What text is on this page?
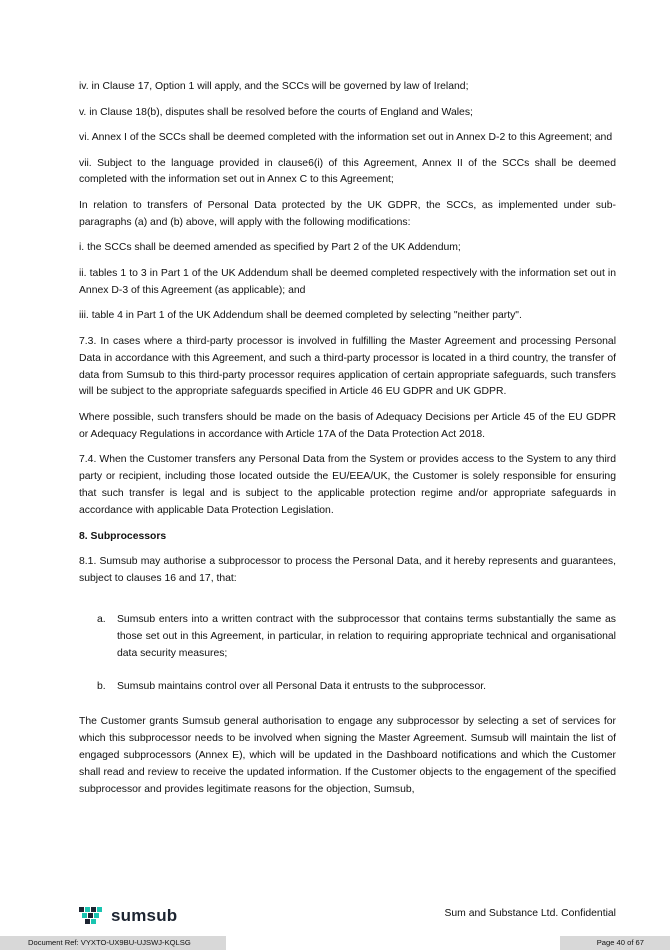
iv. in Clause 17, Option 1 will apply, and the SCCs will be governed by law of Ireland;

v. in Clause 18(b), disputes shall be resolved before the courts of England and Wales;

vi. Annex I of the SCCs shall be deemed completed with the information set out in Annex D-2 to this Agreement; and

vii. Subject to the language provided in clause6(i) of this Agreement, Annex II of the SCCs shall be deemed completed with the information set out in Annex C to this Agreement;

In relation to transfers of Personal Data protected by the UK GDPR, the SCCs, as implemented under sub-paragraphs (a) and (b) above, will apply with the following modifications:

i. the SCCs shall be deemed amended as specified by Part 2 of the UK Addendum;

ii. tables 1 to 3 in Part 1 of the UK Addendum shall be deemed completed respectively with the information set out in Annex D-3 of this Agreement (as applicable); and

iii. table 4 in Part 1 of the UK Addendum shall be deemed completed by selecting "neither party".

7.3. In cases where a third-party processor is involved in fulfilling the Master Agreement and processing Personal Data in accordance with this Agreement, and such a third-party processor is located in a third country, the transfer of data from Sumsub to this third-party processor requires application of certain appropriate safeguards, such transfers will be subject to the appropriate safeguards specified in Article 46 EU GDPR and UK GDPR.

Where possible, such transfers should be made on the basis of Adequacy Decisions per Article 45 of the EU GDPR or Adequacy Regulations in accordance with Article 17A of the Data Protection Act 2018.

7.4. When the Customer transfers any Personal Data from the System or provides access to the System to any third party or recipient, including those located outside the EU/EEA/UK, the Customer is solely responsible for ensuring that such transfer is legal and is subject to the applicable protection regime and/or appropriate safeguards in accordance with applicable Data Protection Legislation.

8. Subprocessors

8.1. Sumsub may authorise a subprocessor to process the Personal Data, and it hereby represents and guarantees, subject to clauses 16 and 17, that:

a.	Sumsub enters into a written contract with the subprocessor that contains terms substantially the same as those set out in this Agreement, in particular, in relation to requiring appropriate technical and organisational data security measures;
b.	Sumsub maintains control over all Personal Data it entrusts to the subprocessor.

The Customer grants Sumsub general authorisation to engage any subprocessor by selecting a set of services for which this subprocessor needs to be involved when signing the Master Agreement. Sumsub will maintain the list of engaged subprocessors (Annex E), which will be updated in the Dashboard notifications and which the Customer shall read and review to receive the updated information. If the Customer objects to the engagement of the specified subprocessor and provides legitimate reasons for the objection, Sumsub,

sumsub	Sum and Substance Ltd. Confidential
Document Ref: VYXTO-UX9BU-UJSWJ-KQLSG	Page 40 of 67
